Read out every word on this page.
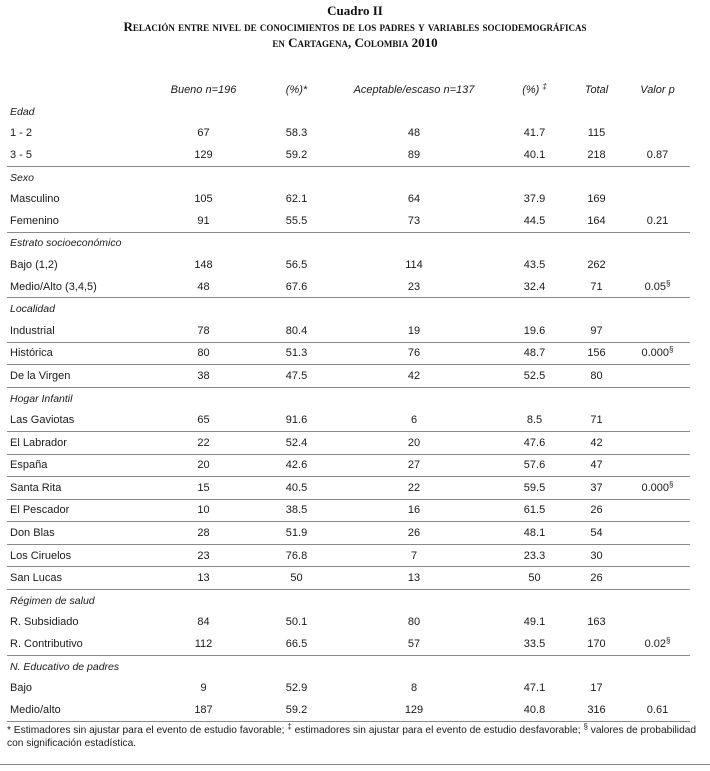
Cuadro II
Relación entre nivel de conocimientos de los padres y variables sociodemográficas
en Cartagena, Colombia 2010
	Bueno n=196	(%)*	Aceptable/escaso n=137	(%) ‡	Total	Valor p
Edad						
1 - 2	67	58.3	48	41.7	115	
3 - 5	129	59.2	89	40.1	218	0.87
Sexo						
Masculino	105	62.1	64	37.9	169	
Femenino	91	55.5	73	44.5	164	0.21
Estrato socioeconómico						
Bajo (1,2)	148	56.5	114	43.5	262	
Medio/Alto (3,4,5)	48	67.6	23	32.4	71	0.05§
Localidad						
Industrial	78	80.4	19	19.6	97	
Histórica	80	51.3	76	48.7	156	0.000§
De la Virgen	38	47.5	42	52.5	80	
Hogar Infantil						
Las Gaviotas	65	91.6	6	8.5	71	
El Labrador	22	52.4	20	47.6	42	
España	20	42.6	27	57.6	47	
Santa Rita	15	40.5	22	59.5	37	0.000§
El Pescador	10	38.5	16	61.5	26	
Don Blas	28	51.9	26	48.1	54	
Los Ciruelos	23	76.8	7	23.3	30	
San Lucas	13	50	13	50	26	
Régimen de salud						
R. Subsidiado	84	50.1	80	49.1	163	
R. Contributivo	112	66.5	57	33.5	170	0.02§
N. Educativo de padres						
Bajo	9	52.9	8	47.1	17	
Medio/alto	187	59.2	129	40.8	316	0.61
* Estimadores sin ajustar para el evento de estudio favorable; ‡ estimadores sin ajustar para el evento de estudio desfavorable; § valores de probabilidad con significación estadística.
